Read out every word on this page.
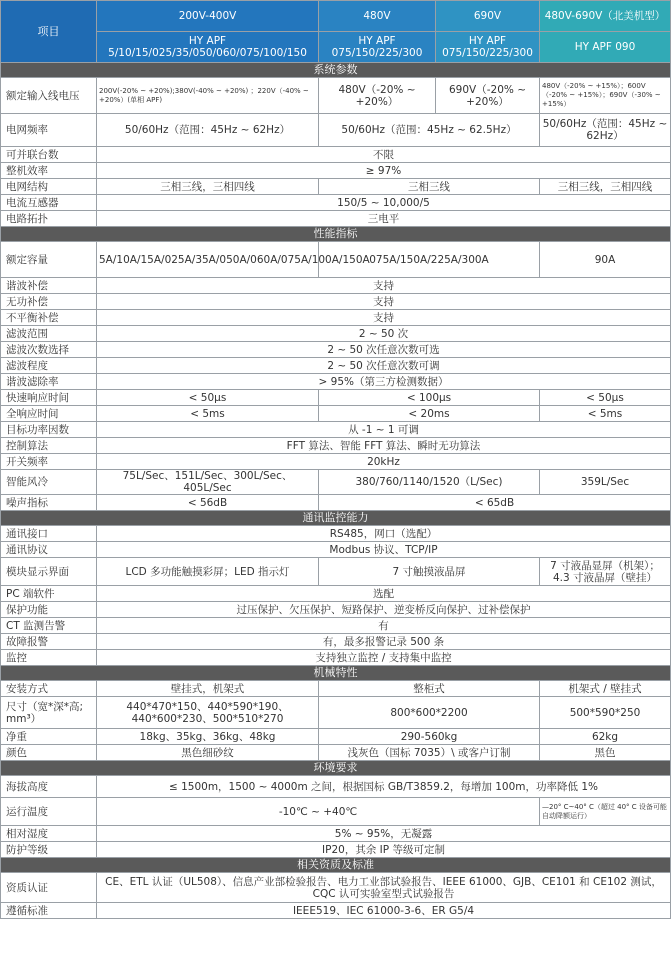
项目	200V-400V	480V	690V	480V-690V（北美机型）
	HY APF 5/10/15/025/35/050/060/075/100/150	HY APF 075/150/225/300	HY APF 075/150/225/300	HY APF 090
系统参数				
额定输入线电压	200V(-20% ~ +20%);380V(-40% ~ +20%) ；220V（-40% ~ +20%）(单相 APF)	480V（-20% ~ +20%）	690V（-20% ~ +20%）	480V（-20% ~ +15%）；600V（-20% ~ +15%）；690V（-30% ~ +15%）
电网频率	50/60Hz（范围：45Hz ~ 62Hz）	50/60Hz（范围：45Hz ~ 62.5Hz）		50/60Hz（范围：45Hz ~ 62Hz）
可并联台数	不限			
整机效率	≥ 97%			
电网结构	三相三线，三相四线	三相三线		三相三线，三相四线
电流互感器	150/5 ~ 10,000/5			
电路拓扑	三电平			
性能指标				
额定容量	5A/10A/15A/025A/35A/050A/060A/075A/100A/150A	075A/150A/225A/300A		90A
谐波补偿	支持			
无功补偿	支持			
不平衡补偿	支持			
滤波范围	2 ~ 50 次			
滤波次数选择	2 ~ 50 次任意次数可选			
滤波程度	2 ~ 50 次任意次数可调			
谐波滤除率	> 95%（第三方检测数据）			
快速响应时间	< 50μs	< 100μs		< 50μs
全响应时间	< 5ms	< 20ms		< 5ms
目标功率因数	从 -1 ~ 1 可调			
控制算法	FFT 算法、智能 FFT 算法、瞬时无功算法			
开关频率	20kHz			
智能风冷	75L/Sec、151L/Sec、300L/Sec、405L/Sec	380/760/1140/1520（L/Sec)		359L/Sec
噪声指标	< 56dB	< 65dB		
通讯监控能力				
通讯接口	RS485，网口（选配）			
通讯协议	Modbus 协议、TCP/IP			
模块显示界面	LCD 多功能触摸彩屏；LED 指示灯	7 寸触摸液晶屏		7 寸液晶显屏（机架）；4.3 寸液晶屏（壁挂）
PC 端软件	选配			
保护功能	过压保护、欠压保护、短路保护、逆变桥反向保护、过补偿保护			
CT 监测告警	有			
故障报警	有，最多报警记录 500 条			
监控	支持独立监控 / 支持集中监控			
机械特性				
安装方式	壁挂式，机架式	整柜式		机架式 / 壁挂式
尺寸（宽*深*高; mm³）	440*470*150、440*590*190、440*600*230、500*510*270	800*600*2200		500*590*250
净重	18kg、35kg、36kg、48kg	290-560kg		62kg
颜色	黑色细砂纹	浅灰色（国标 7035）\ 或客户订制		黑色
环境要求				
海拔高度	≤ 1500m，1500 ~ 4000m 之间，根据国标 GB/T3859.2，每增加 100m，功率降低 1%			
运行温度	-10℃ ~ +40℃			—20° C~40° C（超过 40° C 设备可能自动降额运行）
相对湿度	5% ~ 95%，无凝露			
防护等级	IP20，其余 IP 等级可定制			
相关资质及标准				
资质认证	CE、ETL 认证（UL508）、信息产业部检验报告、电力工业部试验报告、IEEE 61000、GJB、CE101 和 CE102 测试，CQC 认可实验室型式试验报告			
遵循标准	IEEE519、IEC 61000-3-6、ER G5/4			
